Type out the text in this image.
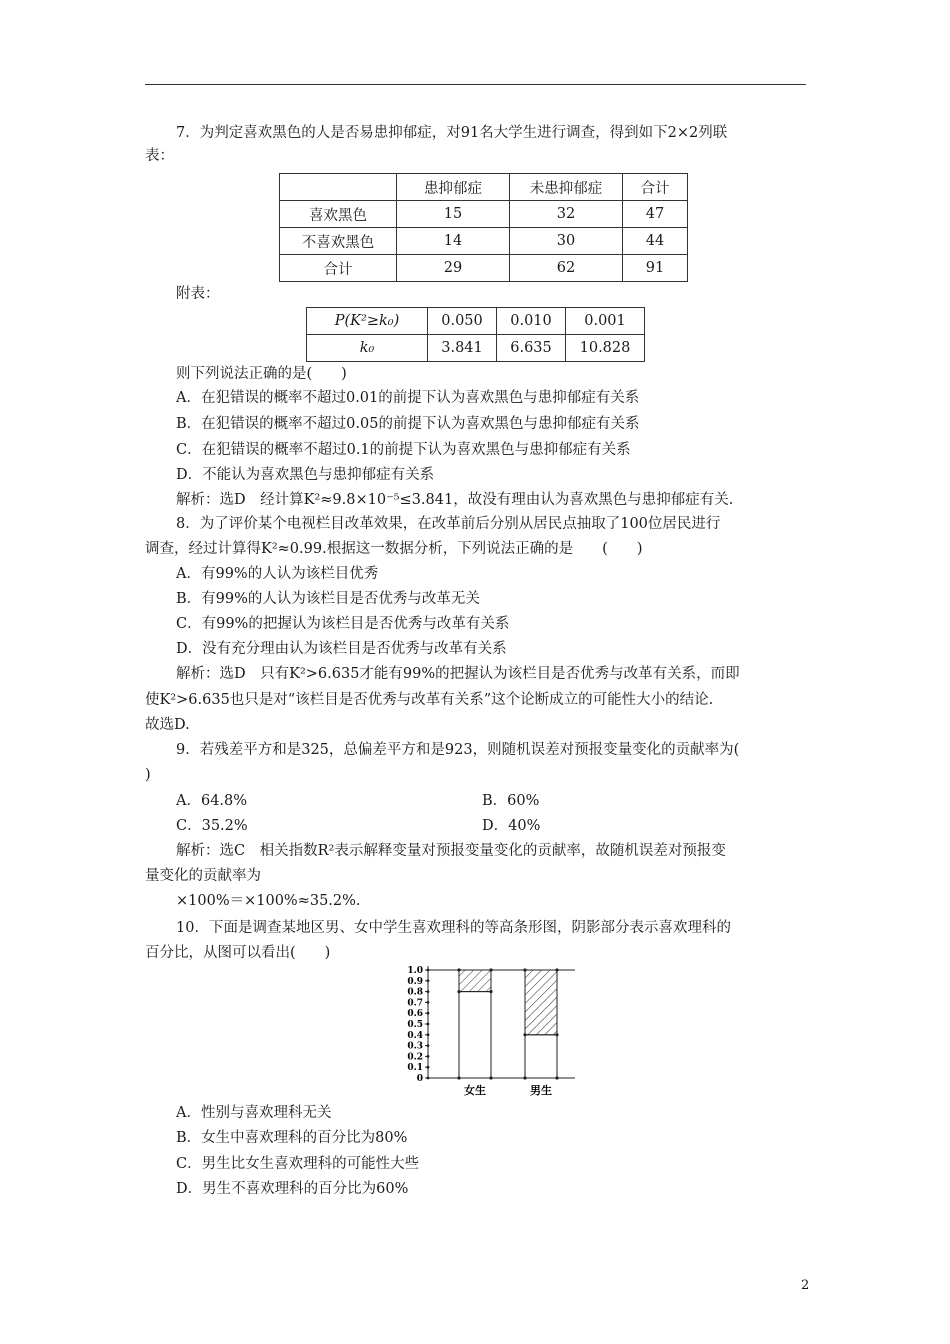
7．为判定喜欢黑色的人是否易患抑郁症，对91名大学生进行调查，得到如下2×2列联
表：
	患抑郁症	未患抑郁症	合计
喜欢黑色	15	32	47
不喜欢黑色	14	30	44
合计	29	62	91
附表：
P(K²≥k₀)	0.050	0.010	0.001
k₀	3.841	6.635	10.828
则下列说法正确的是(　　)
A．在犯错误的概率不超过0.01的前提下认为喜欢黑色与患抑郁症有关系
B．在犯错误的概率不超过0.05的前提下认为喜欢黑色与患抑郁症有关系
C．在犯错误的概率不超过0.1的前提下认为喜欢黑色与患抑郁症有关系
D．不能认为喜欢黑色与患抑郁症有关系
解析：选D　经计算K²≈9.8×10⁻⁵≤3.841，故没有理由认为喜欢黑色与患抑郁症有关.
8．为了评价某个电视栏目改革效果，在改革前后分别从居民点抽取了100位居民进行
调查，经过计算得K²≈0.99.根据这一数据分析，下列说法正确的是　　(　　)
A．有99%的人认为该栏目优秀
B．有99%的人认为该栏目是否优秀与改革无关
C．有99%的把握认为该栏目是否优秀与改革有关系
D．没有充分理由认为该栏目是否优秀与改革有关系
解析：选D　只有K²>6.635才能有99%的把握认为该栏目是否优秀与改革有关系，而即
使K²>6.635也只是对“该栏目是否优秀与改革有关系”这个论断成立的可能性大小的结论.
故选D.
9．若残差平方和是325，总偏差平方和是923，则随机误差对预报变量变化的贡献率为(
)
A．64.8%	B．60%
C．35.2%	D．40%
解析：选C　相关指数R²表示解释变量对预报变量变化的贡献率，故随机误差对预报变
量变化的贡献率为
×100%＝×100%≈35.2%.
10．下面是调查某地区男、女中学生喜欢理科的等高条形图，阴影部分表示喜欢理科的
百分比，从图可以看出(　　)
0
0.1
0.2
0.3
0.4
0.5
0.6
0.7
0.8
0.9
1.0
女生	男生
A．性别与喜欢理科无关
B．女生中喜欢理科的百分比为80%
C．男生比女生喜欢理科的可能性大些
D．男生不喜欢理科的百分比为60%
2
